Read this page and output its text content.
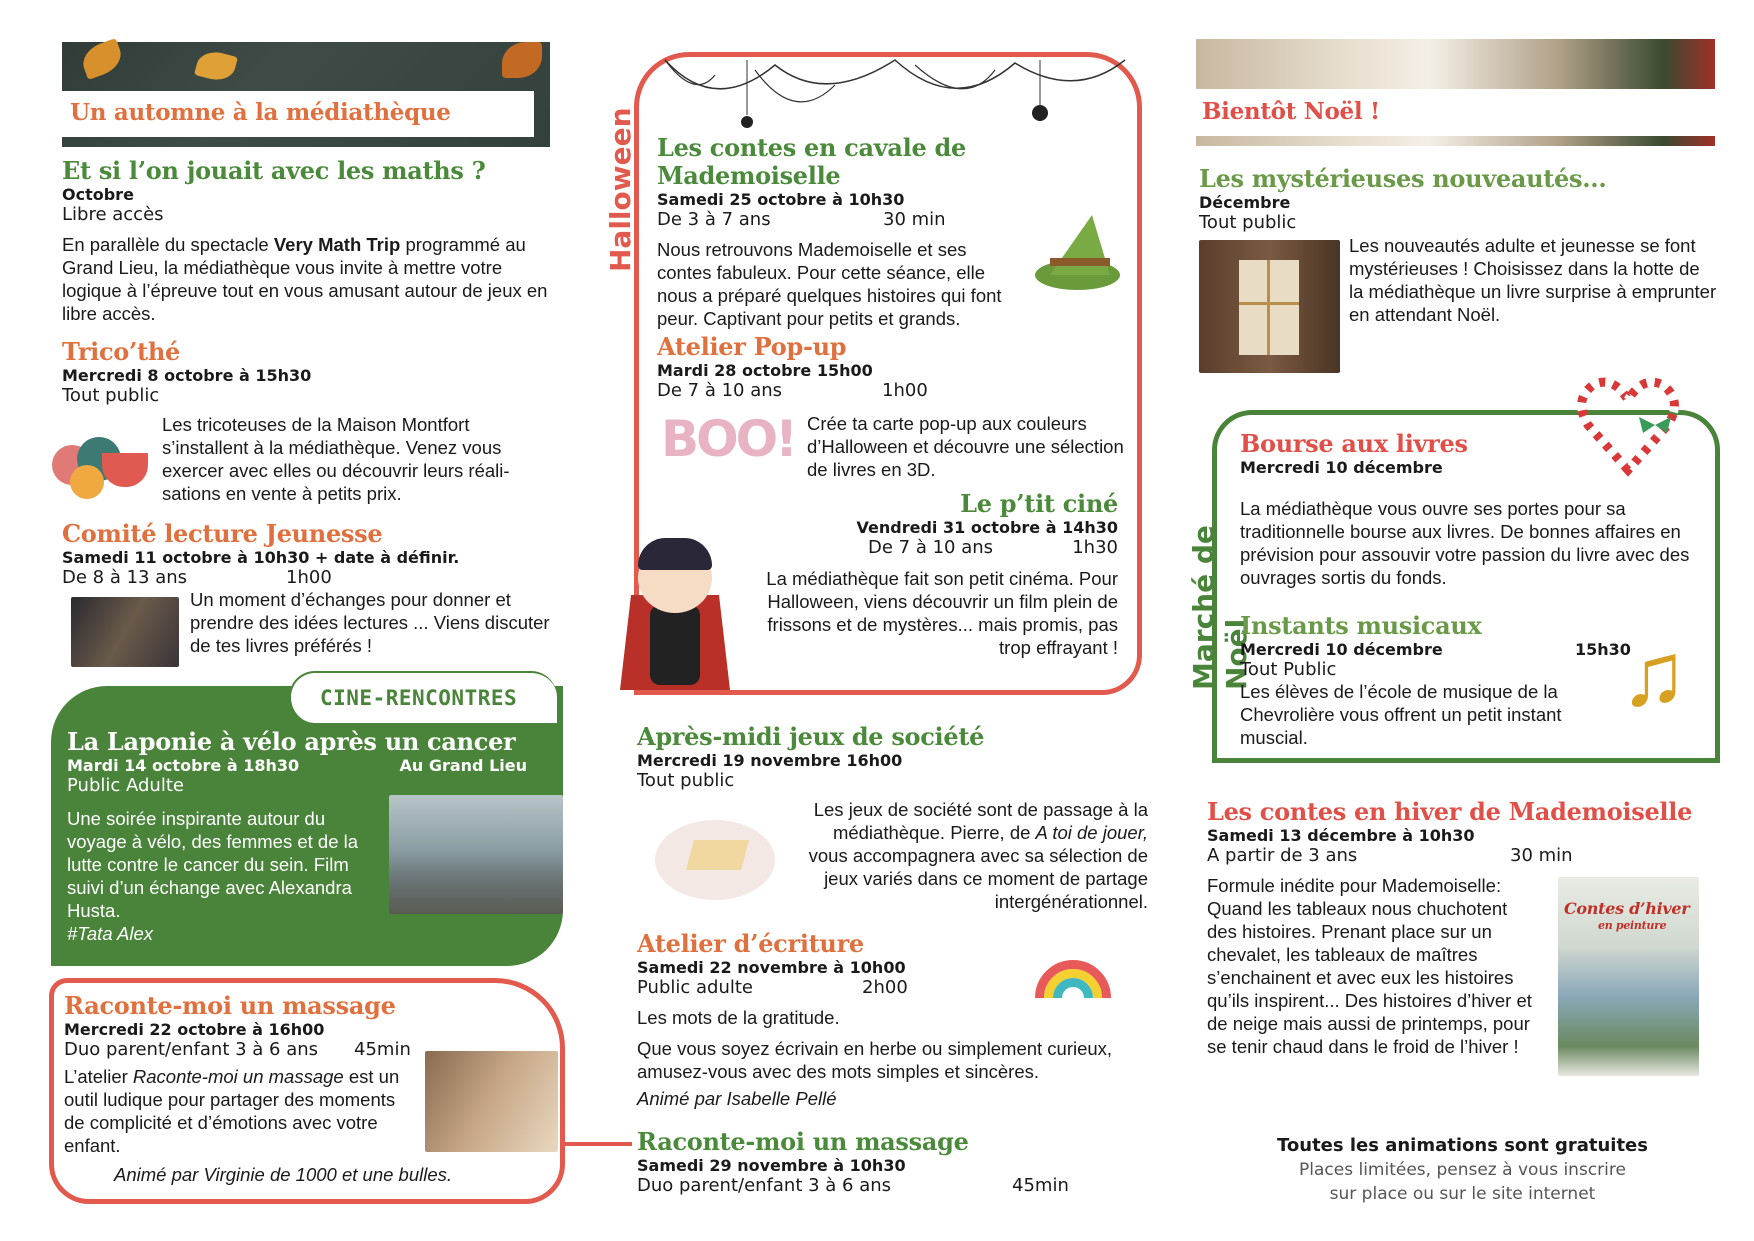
Un automne à la médiathèque
Et si l’on jouait avec les maths ?
Octobre
Libre accès
En parallèle du spectacle Very Math Trip programmé au Grand Lieu, la médiathèque vous invite à mettre votre logique à l’épreuve tout en vous amusant autour de jeux en libre accès.
Trico’thé
Mercredi 8 octobre à 15h30
Tout public
Les tricoteuses de la Maison Montfort s’installent à la médiathèque. Venez vous exercer avec elles ou découvrir leurs réali-sations en vente à petits prix.
Comité lecture Jeunesse
Samedi 11 octobre à 10h30 + date à définir.
De 8 à 13 ans	1h00
Un moment d’échanges pour donner et prendre des idées lectures ... Viens discuter de tes livres préférés !
CINE-RENCONTRES
La Laponie à vélo après un cancer
Mardi 14 octobre à 18h30	Au Grand Lieu
Public Adulte
Une soirée inspirante autour du voyage à vélo, des femmes et de la lutte contre le cancer du sein. Film suivi d’un échange avec Alexandra Husta.
#Tata Alex
Raconte-moi un massage
Mercredi 22 octobre à 16h00
Duo parent/enfant 3 à 6 ans	45min
L’atelier Raconte-moi un massage est un outil ludique pour partager des moments de complicité et d’émotions avec votre enfant.
Animé par Virginie de 1000 et une bulles.
Halloween Les contes en cavale de Mademoiselle
Samedi 25 octobre à 10h30
De 3 à 7 ans	30 min
Nous retrouvons Mademoiselle et ses contes fabuleux. Pour cette séance, elle nous a préparé quelques histoires qui font peur. Captivant pour petits et grands.
Atelier Pop-up
Mardi 28 octobre 15h00
De 7 à 10 ans	1h00
BOO! Crée ta carte pop-up aux couleurs d’Halloween et découvre une sélection de livres en 3D.
Le p’tit ciné
Vendredi 31 octobre à 14h30
De 7 à 10 ans	1h30
La médiathèque fait son petit cinéma. Pour Halloween, viens découvrir un film plein de frissons et de mystères... mais promis, pas trop effrayant !
Après-midi jeux de société
Mercredi 19 novembre 16h00
Tout public
Les jeux de société sont de passage à la médiathèque. Pierre, de A toi de jouer, vous accompagnera avec sa sélection de jeux variés dans ce moment de partage intergénérationnel.
Atelier d’écriture
Samedi 22 novembre à 10h00
Public adulte	2h00
Les mots de la gratitude.
Que vous soyez écrivain en herbe ou simplement curieux, amusez-vous avec des mots simples et sincères.
Animé par Isabelle Pellé
Raconte-moi un massage
Samedi 29 novembre à 10h30
Duo parent/enfant 3 à 6 ans	45min
Bientôt Noël !
Les mystérieuses nouveautés...
Décembre
Tout public
Les nouveautés adulte et jeunesse se font mystérieuses ! Choisissez dans la hotte de la médiathèque un livre surprise à emprunter en attendant Noël.
Marché de Noël
Bourse aux livres
Mercredi 10 décembre
La médiathèque vous ouvre ses portes pour sa traditionnelle bourse aux livres. De bonnes affaires en prévision pour assouvir votre passion du livre avec des ouvrages sortis du fonds.
Instants musicaux
Mercredi 10 décembre	15h30
Tout Public
Les élèves de l’école de musique de la Chevrolière vous offrent un petit instant muscial.
♫
Les contes en hiver de Mademoiselle
Samedi 13 décembre à 10h30
A partir de 3 ans	30 min
Formule inédite pour Mademoiselle: Quand les tableaux nous chuchotent des histoires. Prenant place sur un chevalet, les tableaux de maîtres s’enchainent et avec eux les histoires qu’ils inspirent... Des histoires d’hiver et de neige mais aussi de printemps, pour se tenir chaud dans le froid de l’hiver !
Contes d’hiver
en peinture
Toutes les animations sont gratuites
Places limitées, pensez à vous inscrire
sur place ou sur le site internet
